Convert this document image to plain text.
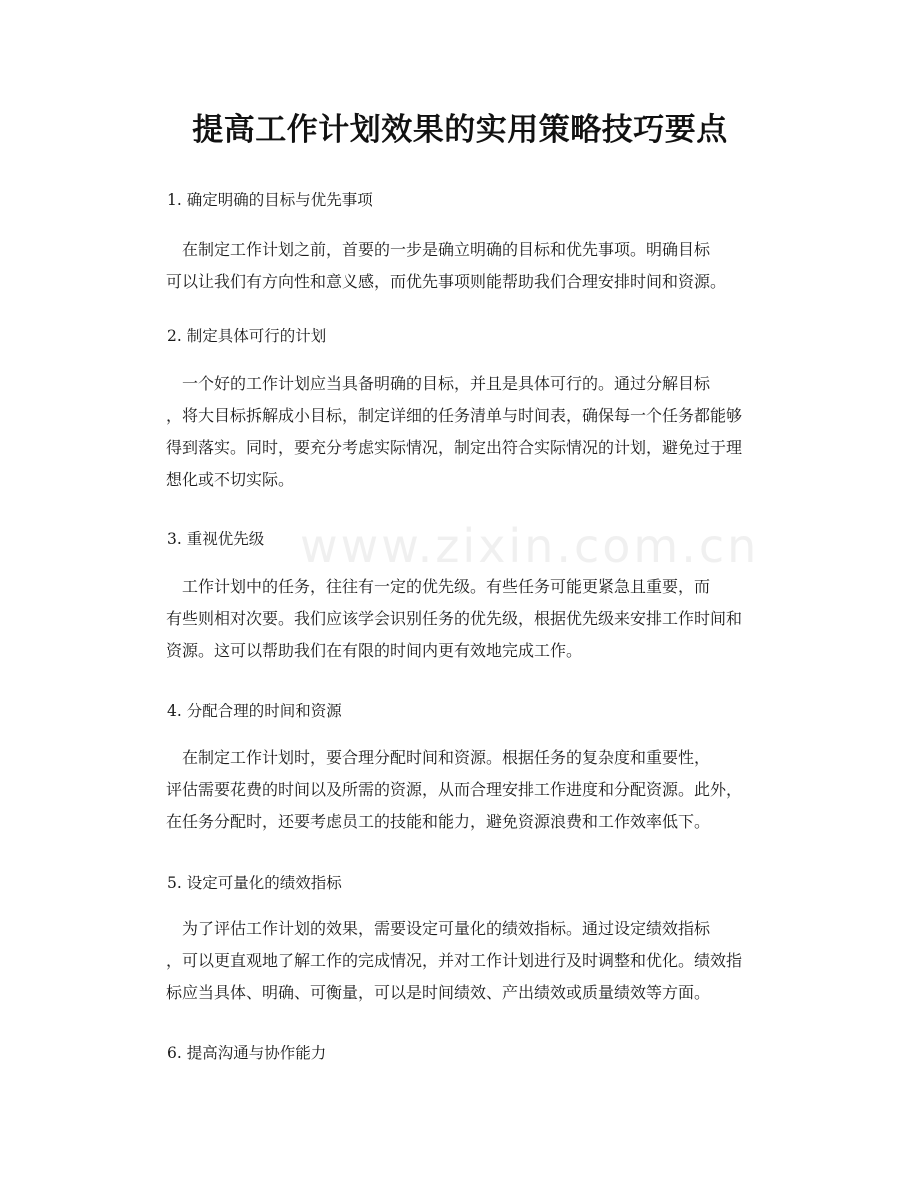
www.zixin.com.cn
提高工作计划效果的实用策略技巧要点
1. 确定明确的目标与优先事项
在制定工作计划之前，首要的一步是确立明确的目标和优先事项。明确目标
可以让我们有方向性和意义感，而优先事项则能帮助我们合理安排时间和资源。
2. 制定具体可行的计划
一个好的工作计划应当具备明确的目标，并且是具体可行的。通过分解目标
，将大目标拆解成小目标，制定详细的任务清单与时间表，确保每一个任务都能够
得到落实。同时，要充分考虑实际情况，制定出符合实际情况的计划，避免过于理
想化或不切实际。
3. 重视优先级
工作计划中的任务，往往有一定的优先级。有些任务可能更紧急且重要，而
有些则相对次要。我们应该学会识别任务的优先级，根据优先级来安排工作时间和
资源。这可以帮助我们在有限的时间内更有效地完成工作。
4. 分配合理的时间和资源
在制定工作计划时，要合理分配时间和资源。根据任务的复杂度和重要性，
评估需要花费的时间以及所需的资源，从而合理安排工作进度和分配资源。此外，
在任务分配时，还要考虑员工的技能和能力，避免资源浪费和工作效率低下。
5. 设定可量化的绩效指标
为了评估工作计划的效果，需要设定可量化的绩效指标。通过设定绩效指标
，可以更直观地了解工作的完成情况，并对工作计划进行及时调整和优化。绩效指
标应当具体、明确、可衡量，可以是时间绩效、产出绩效或质量绩效等方面。
6. 提高沟通与协作能力
